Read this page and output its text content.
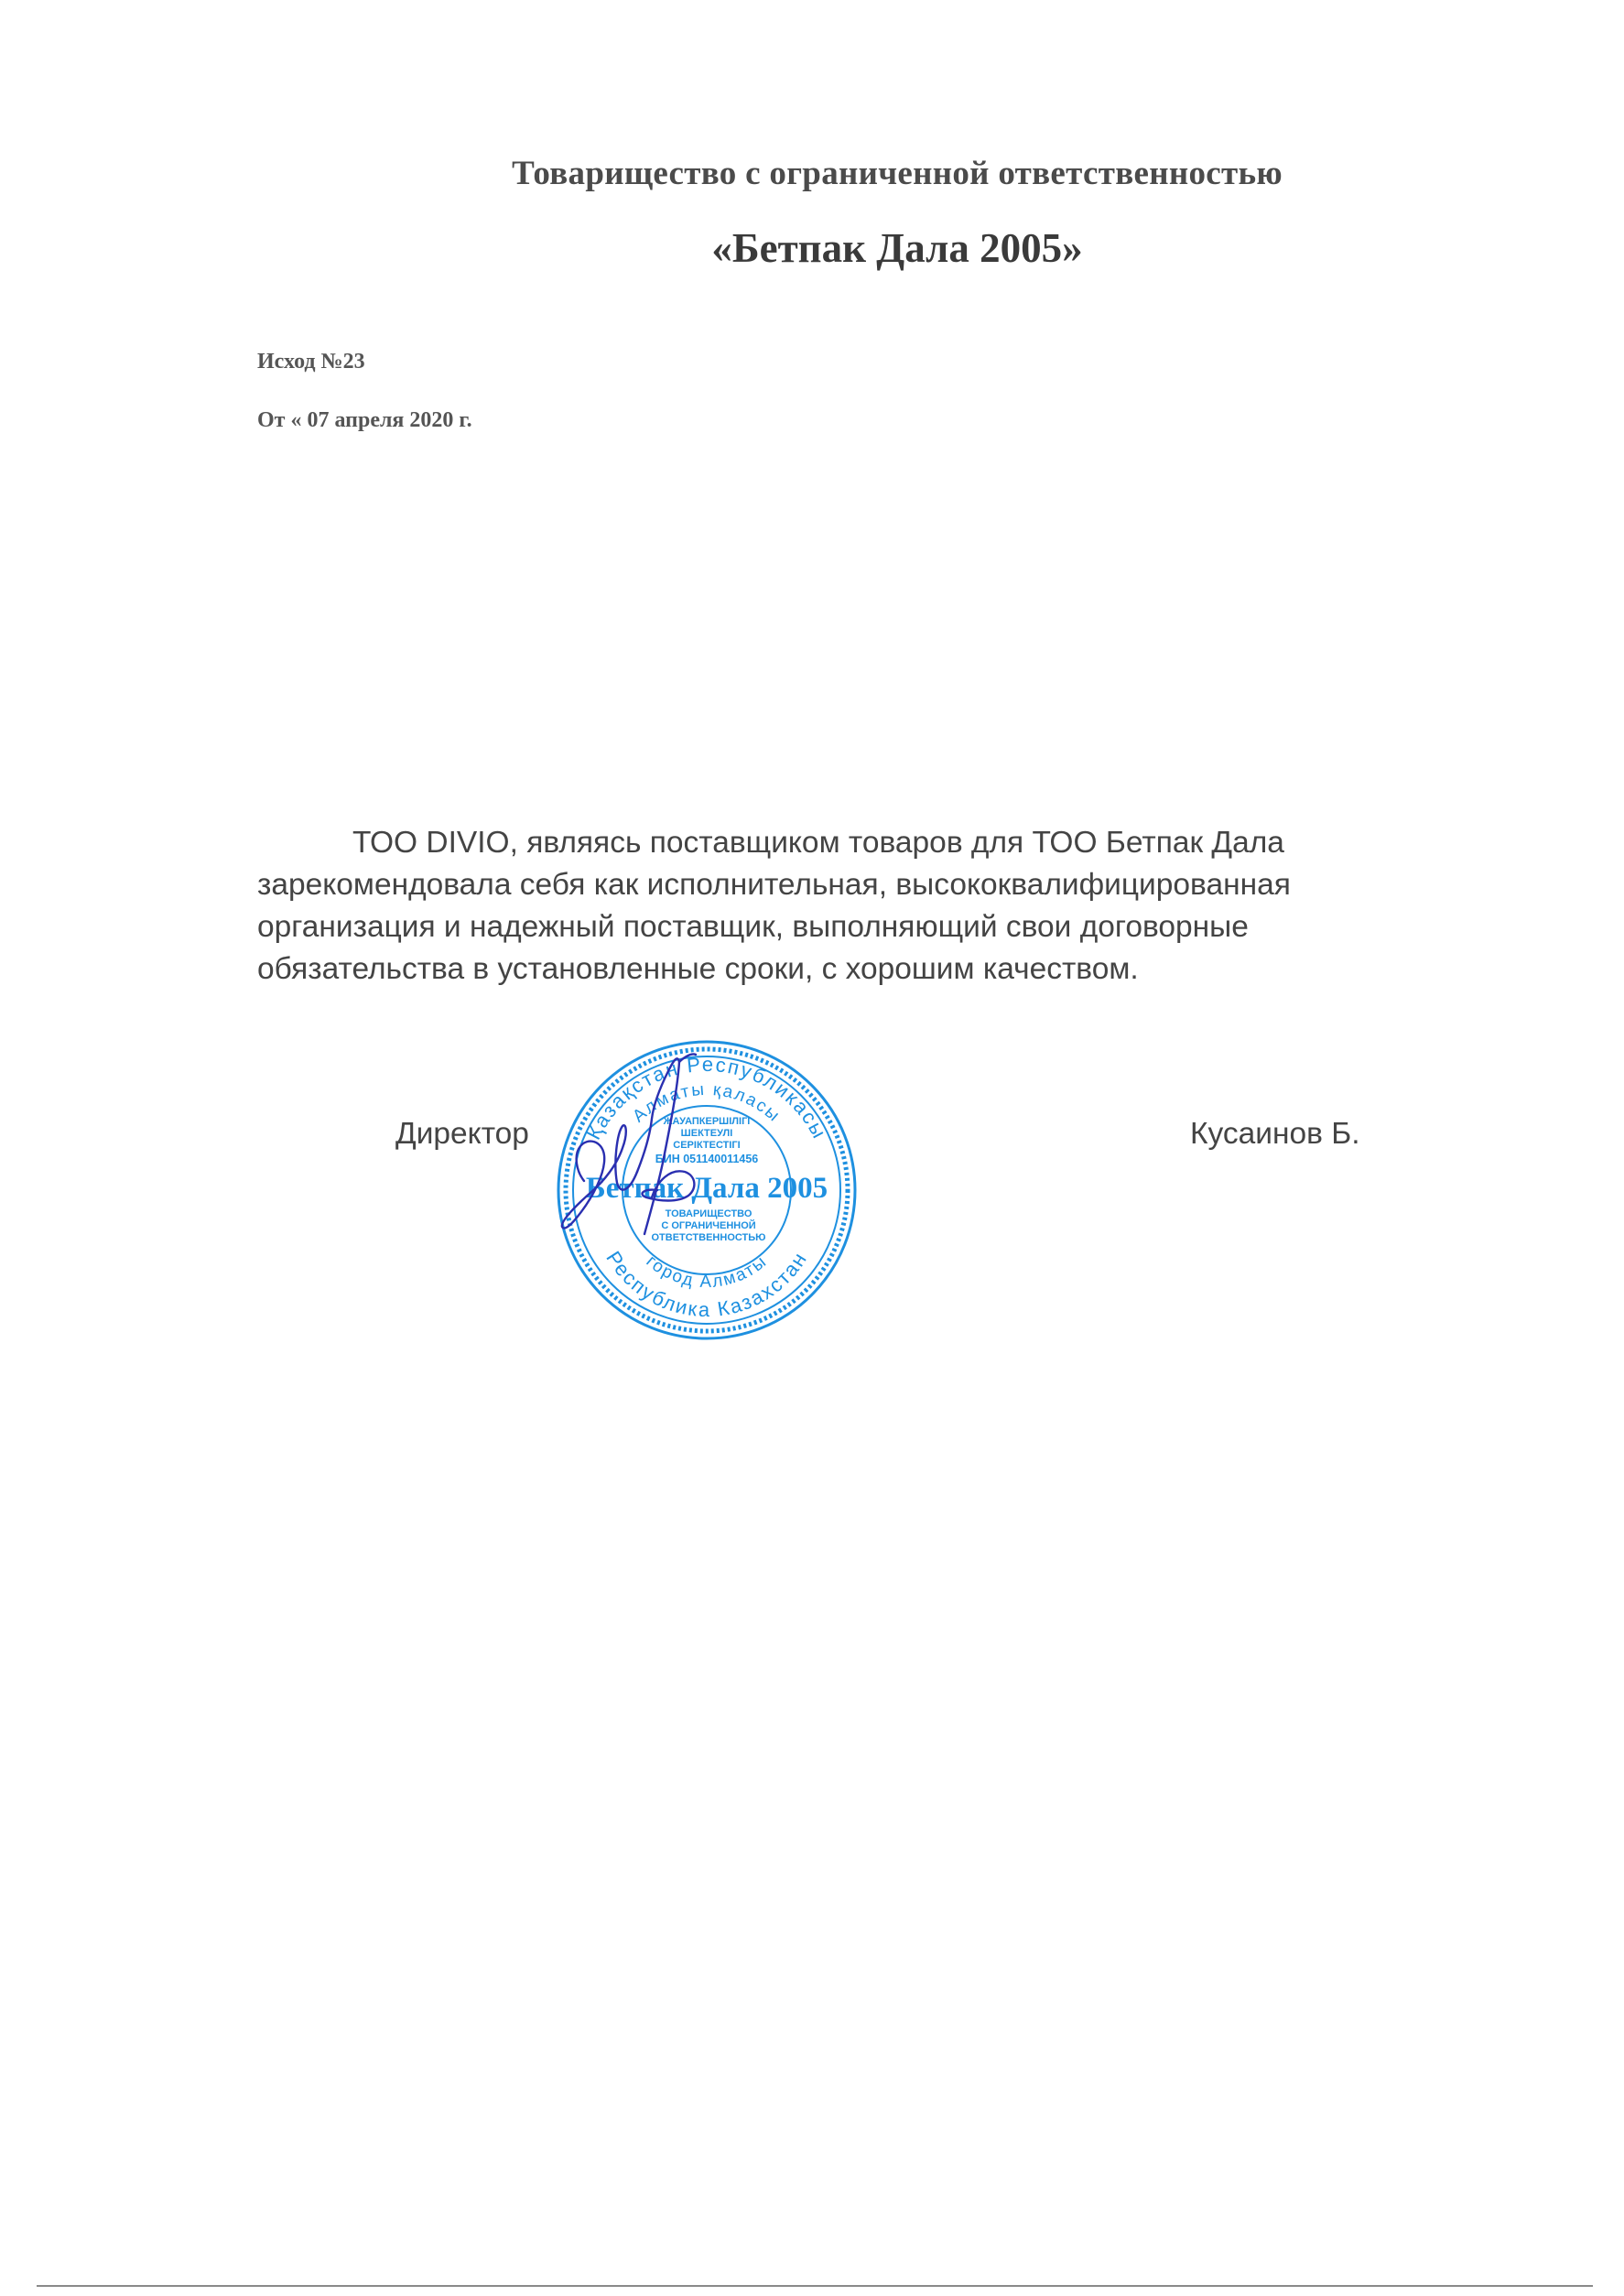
Товарищество с ограниченной ответственностью
«Бетпак Дала 2005»
Исход №23
От « 07 апреля 2020 г.
ТОО DIVIO, являясь поставщиком товаров для ТОО Бетпак Дала
зарекомендовала себя как исполнительная, высококвалифицированная
организация и надежный поставщик, выполняющий свои договорные
обязательства в установленные сроки, с хорошим качеством.
Директор	Кусаинов Б.
Қазақстан Республикасы
Алматы қаласы
ЖАУАПКЕРШІЛІГІ
ШЕКТЕУЛІ
СЕРІКТЕСТІГІ
БИН 051140011456
Бетпак Дала 2005
ТОВАРИЩЕСТВО
С ОГРАНИЧЕННОЙ
ОТВЕТСТВЕННОСТЬЮ
город Алматы
Республика Казахстан
